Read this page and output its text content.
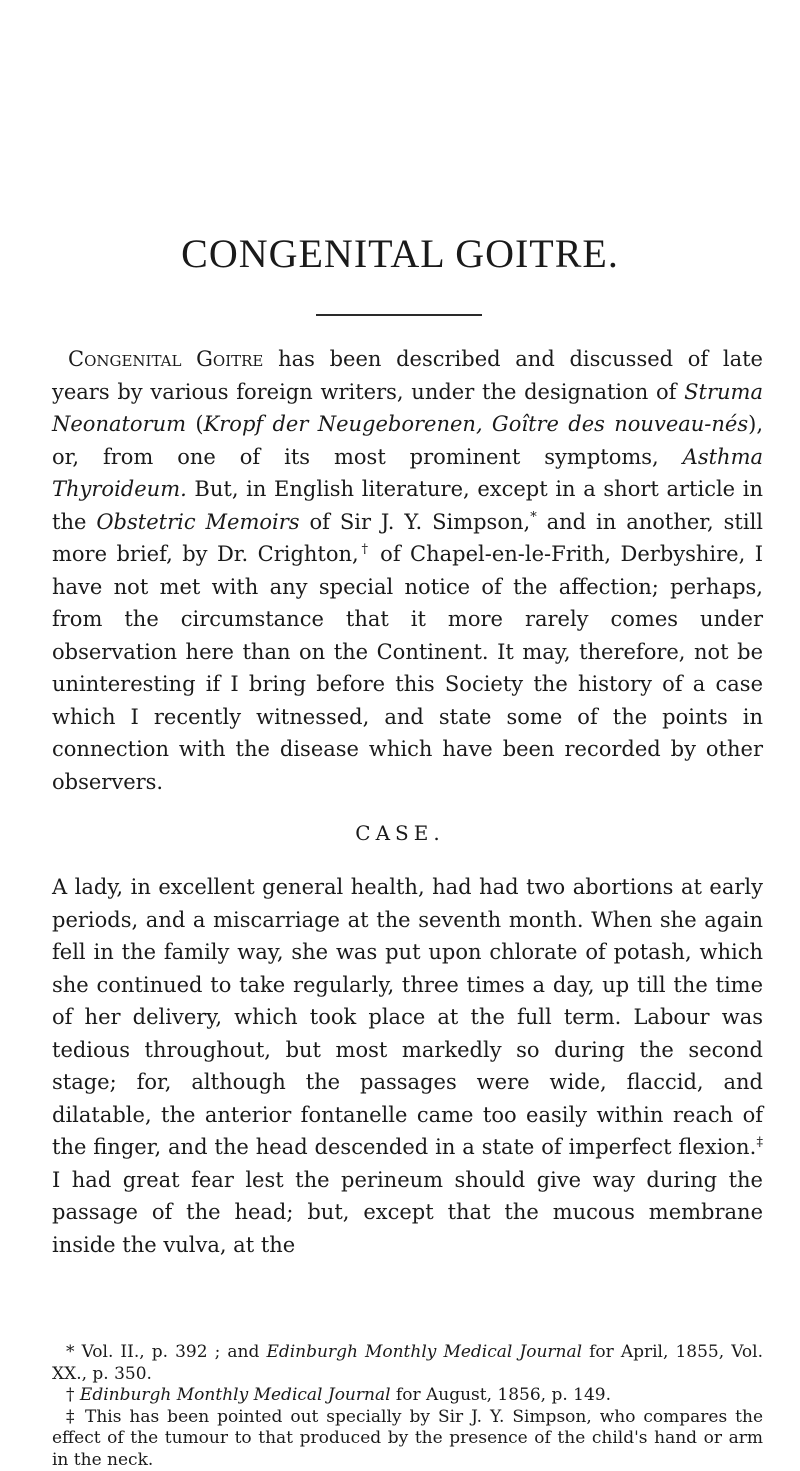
CONGENITAL GOITRE.

Congenital Goitre has been described and discussed of late years by various foreign writers, under the designation of Struma Neonatorum (Kropf der Neugeborenen, Goître des nouveau-nés), or, from one of its most prominent symptoms, Asthma Thyroideum. But, in English literature, except in a short article in the Obstetric Memoirs of Sir J. Y. Simpson,* and in another, still more brief, by Dr. Crighton,† of Chapel-en-le-Frith, Derbyshire, I have not met with any special notice of the affection; perhaps, from the circumstance that it more rarely comes under observation here than on the Continent. It may, therefore, not be uninteresting if I bring before this Society the history of a case which I recently witnessed, and state some of the points in connection with the disease which have been recorded by other observers.

CASE.

A lady, in excellent general health, had had two abortions at early periods, and a miscarriage at the seventh month. When she again fell in the family way, she was put upon chlorate of potash, which she continued to take regularly, three times a day, up till the time of her delivery, which took place at the full term. Labour was tedious throughout, but most markedly so during the second stage; for, although the passages were wide, flaccid, and dilatable, the anterior fontanelle came too easily within reach of the finger, and the head descended in a state of imperfect flexion.‡ I had great fear lest the perineum should give way during the passage of the head; but, except that the mucous membrane inside the vulva, at the

* Vol. II., p. 392 ; and Edinburgh Monthly Medical Journal for April, 1855, Vol. XX., p. 350.

† Edinburgh Monthly Medical Journal for August, 1856, p. 149.

‡ This has been pointed out specially by Sir J. Y. Simpson, who compares the effect of the tumour to that produced by the presence of the child's hand or arm in the neck.
